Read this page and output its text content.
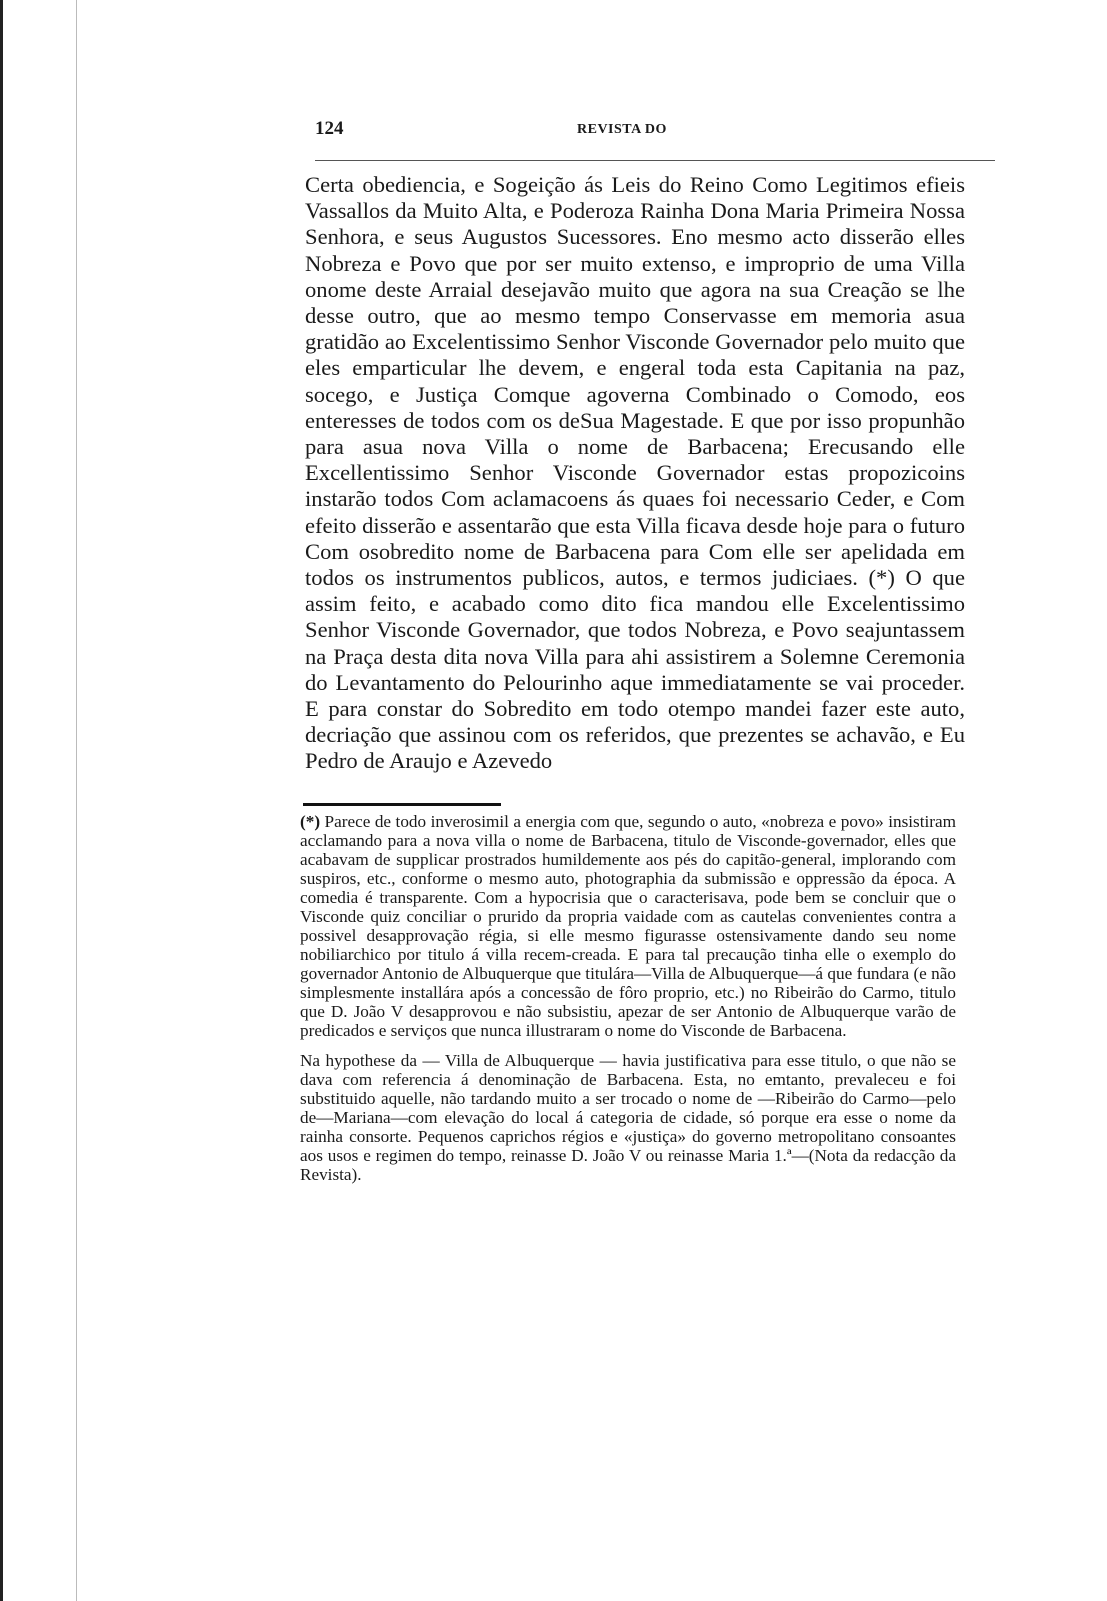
124	REVISTA DO

Certa obediencia, e Sogeição ás Leis do Reino Como Legitimos efieis Vassallos da Muito Alta, e Poderoza Rainha Dona Maria Primeira Nossa Senhora, e seus Augustos Sucessores. Eno mesmo acto disserão elles Nobreza e Povo que por ser muito extenso, e improprio de uma Villa onome deste Arraial desejavão muito que agora na sua Creação se lhe desse outro, que ao mesmo tempo Conservasse em memoria asua gratidão ao Excelentissimo Senhor Visconde Governador pelo muito que eles emparticular lhe devem, e engeral toda esta Capitania na paz, socego, e Justiça Comque agoverna Combinado o Comodo, eos enteresses de todos com os deSua Magestade. E que por isso propunhão para asua nova Villa o nome de Barbacena; Erecusando elle Excellentissimo Senhor Visconde Governador estas propozicoins instarão todos Com aclamacoens ás quaes foi necessario Ceder, e Com efeito disserão e assentarão que esta Villa ficava desde hoje para o futuro Com osobredito nome de Barbacena para Com elle ser apelidada em todos os instrumentos publicos, autos, e termos judiciaes. (*) O que assim feito, e acabado como dito fica mandou elle Excelentissimo Senhor Visconde Governador, que todos Nobreza, e Povo seajuntassem na Praça desta dita nova Villa para ahi assistirem a Solemne Ceremonia do Levantamento do Pelourinho aque immediatamente se vai proceder. E para constar do Sobredito em todo otempo mandei fazer este auto, decriação que assinou com os referidos, que prezentes se achavão, e Eu Pedro de Araujo e Azevedo

(*) Parece de todo inverosimil a energia com que, segundo o auto, «nobreza e povo» insistiram acclamando para a nova villa o nome de Barbacena, titulo de Visconde-governador, elles que acabavam de supplicar prostrados humildemente aos pés do capitão-general, implorando com suspiros, etc., conforme o mesmo auto, photographia da submissão e oppressão da época. A comedia é transparente. Com a hypocrisia que o caracterisava, pode bem se concluir que o Visconde quiz conciliar o prurido da propria vaidade com as cautelas convenientes contra a possivel desapprovação régia, si elle mesmo figurasse ostensivamente dando seu nome nobiliarchico por titulo á villa recem-creada. E para tal precaução tinha elle o exemplo do governador Antonio de Albuquerque que titulára—Villa de Albuquerque—á que fundara (e não simplesmente installára após a concessão de fôro proprio, etc.) no Ribeirão do Carmo, titulo que D. João V desapprovou e não subsistiu, apezar de ser Antonio de Albuquerque varão de predicados e serviços que nunca illustraram o nome do Visconde de Barbacena.

Na hypothese da — Villa de Albuquerque — havia justificativa para esse titulo, o que não se dava com referencia á denominação de Barbacena. Esta, no emtanto, prevaleceu e foi substituido aquelle, não tardando muito a ser trocado o nome de —Ribeirão do Carmo—pelo de—Mariana—com elevação do local á categoria de cidade, só porque era esse o nome da rainha consorte. Pequenos caprichos régios e «justiça» do governo metropolitano consoantes aos usos e regimen do tempo, reinasse D. João V ou reinasse Maria 1.ª—(Nota da redacção da Revista).
